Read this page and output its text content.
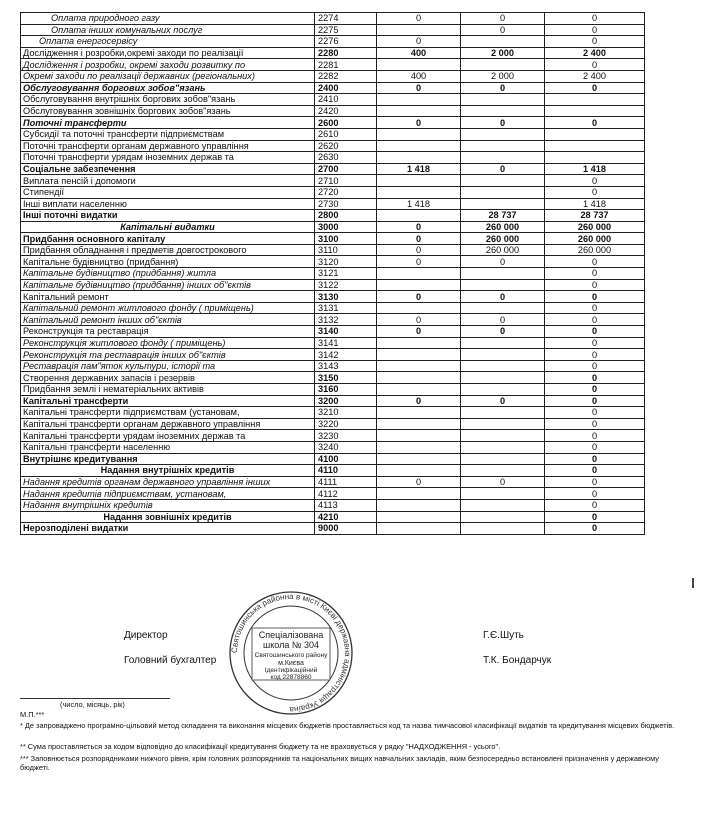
Оплата природного газу	2274	0	0	0
Оплата інших комунальних послуг	2275		0	0
Оплата енергосервісу	2276	0		0
Дослідження і розробки,окремі заходи по реалізації	2280	400	2 000	2 400
Дослідження і розробки, окремі заходи розвитку по	2281			0
Окремі заходи по реалізації державних (регіональних)	2282	400	2 000	2 400
Обслуговування боргових зобов"язань	2400	0	0	0
Обслуговування внутрішніх боргових зобов"язань	2410			
Обслуговування зовнішніх боргових зобов"язань	2420			
Поточні трансферти	2600	0	0	0
Субсидії та поточні трансферти підприємствам	2610			
Поточні трансферти органам державного управління	2620			
Поточні трансферти урядам іноземних держав та	2630			
Соціальне забезпечення	2700	1 418	0	1 418
Виплата пенсій і допомоги	2710			0
Стипендії	2720			0
Інші виплати населенню	2730	1 418		1 418
Інші поточні видатки	2800		28 737	28 737
Капітальні видатки	3000	0	260 000	260 000
Придбання основного капіталу	3100	0	260 000	260 000
Придбання обладнання і предметів довгострокового	3110	0	260 000	260 000
Капітальне будівництво (придбання)	3120	0	0	0
Капітальне будівництво (придбання) житла	3121			0
Капітальне будівництво (придбання) інших об"єктів	3122			0
Капітальний ремонт	3130	0	0	0
Капітальний ремонт житлового фонду ( приміщень)	3131			0
Капітальний ремонт інших об"єктів	3132	0	0	0
Реконструкція та реставрація	3140	0	0	0
Реконструкція житлового фонду ( приміщень)	3141			0
Реконструкція та реставрація інших об"єктів	3142			0
Реставрація пам"яток культури, історії та	3143			0
Створення державних запасів і резервів	3150			0
Придбання землі і нематеріальних активів	3160			0
Капітальні трансферти	3200	0	0	0
Капітальні трансферти підприємствам (установам,	3210			0
Капітальні трансферти органам державного управління	3220			0
Капітальні трансферти урядам іноземних держав та	3230			0
Капітальні трансферти населенню	3240			0
Внутрішнє кредитування	4100			0
Надання внутрішніх кредитів	4110			0
Надання кредитів органам державного управління інших	4111	0	0	0
Надання кредитів підприємствам, установам,	4112			0
Надання внутрішніх кредитів	4113			0
Надання зовнішніх кредитів	4210			0
Нерозподілені видатки	9000			0
Директор	Г.Є.Шуть
Головний бухгалтер	Т.К. Бондарчук
Святошинська районна в місті Києві державна адміністрація Україна
Спеціалізована
школа № 304
Святошинського району
м.Києва
Ідентифікаційний
код 22878860
(число, місяць, рік)
М.П.***
* Де запроваджено програмно-цільовий метод складання та виконання місцевих бюджетів проставляється код та назва тимчасової класифікації видатків та кредитування місцевих бюджетів.
** Сума проставляється за кодом відповідно до класифікації кредитування бюджету та не враховується у рядку "НАДХОДЖЕННЯ - усього".
*** Заповнюється розпорядниками нижчого рівня, крім головних розпорядників та національних вищих навчальних закладів, яким безпосередньо встановлені призначення у державному бюджеті.
